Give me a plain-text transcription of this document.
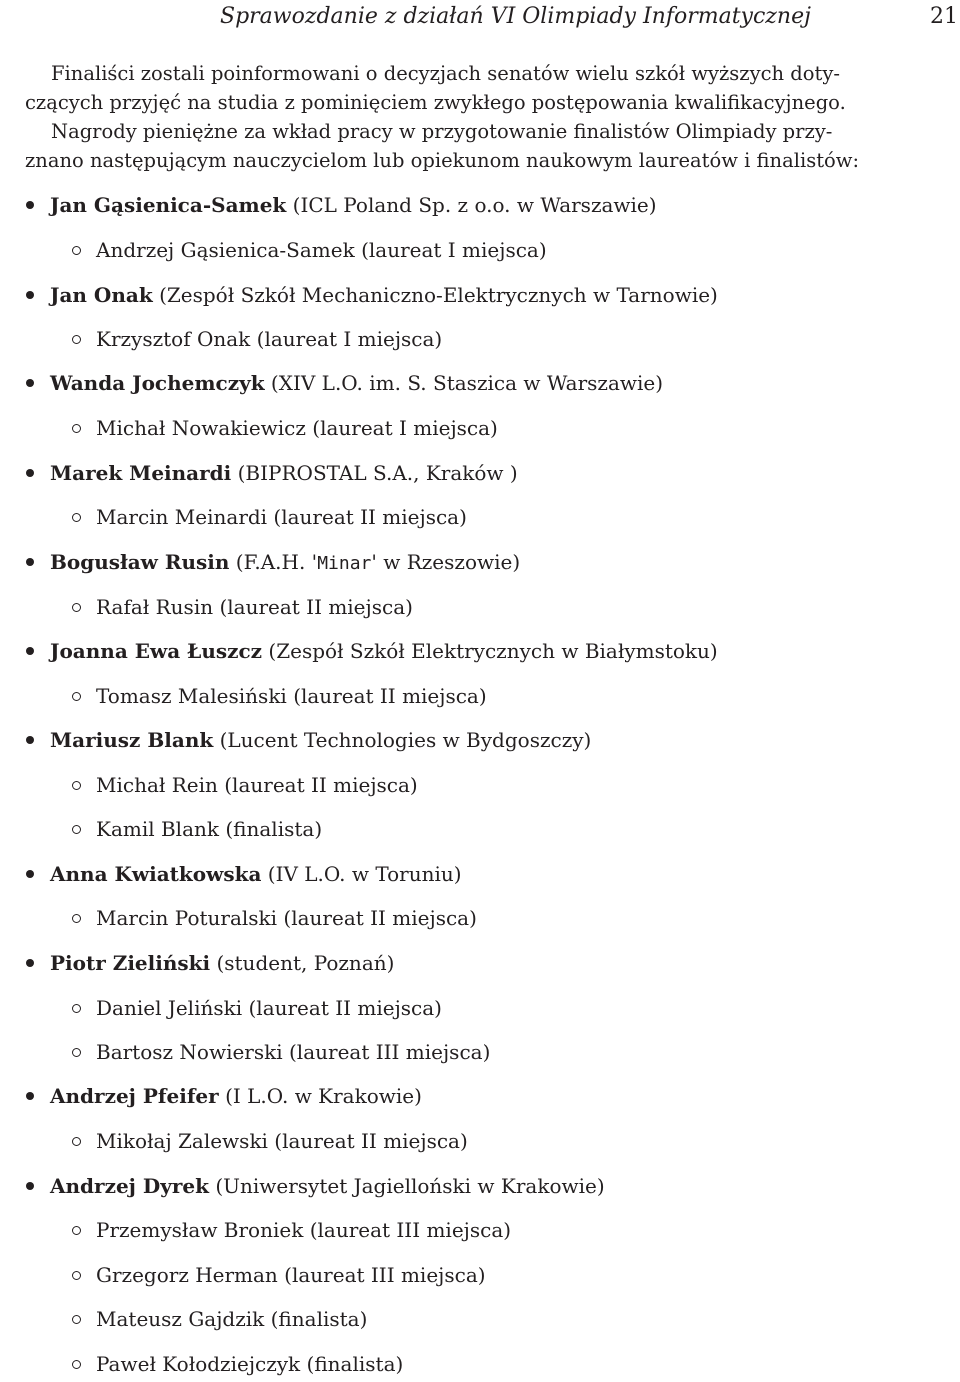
Sprawozdanie z działań VI Olimpiady Informatycznej	21
Finaliści zostali poinformowani o decyzjach senatów wielu szkół wyższych doty-
czących przyjęć na studia z pominięciem zwykłego postępowania kwalifikacyjnego.
Nagrody pieniężne za wkład pracy w przygotowanie finalistów Olimpiady przy-
znano następującym nauczycielom lub opiekunom naukowym laureatów i finalistów:
Jan Gąsienica-Samek (ICL Poland Sp. z o.o. w Warszawie)
Andrzej Gąsienica-Samek (laureat I miejsca)
Jan Onak (Zespół Szkół Mechaniczno-Elektrycznych w Tarnowie)
Krzysztof Onak (laureat I miejsca)
Wanda Jochemczyk (XIV L.O. im. S. Staszica w Warszawie)
Michał Nowakiewicz (laureat I miejsca)
Marek Meinardi (BIPROSTAL S.A., Kraków )
Marcin Meinardi (laureat II miejsca)
Bogusław Rusin (F.A.H. 'Minar' w Rzeszowie)
Rafał Rusin (laureat II miejsca)
Joanna Ewa Łuszcz (Zespół Szkół Elektrycznych w Białymstoku)
Tomasz Malesiński (laureat II miejsca)
Mariusz Blank (Lucent Technologies w Bydgoszczy)
Michał Rein (laureat II miejsca)
Kamil Blank (finalista)
Anna Kwiatkowska (IV L.O. w Toruniu)
Marcin Poturalski (laureat II miejsca)
Piotr Zieliński (student, Poznań)
Daniel Jeliński (laureat II miejsca)
Bartosz Nowierski (laureat III miejsca)
Andrzej Pfeifer (I L.O. w Krakowie)
Mikołaj Zalewski (laureat II miejsca)
Andrzej Dyrek (Uniwersytet Jagielloński w Krakowie)
Przemysław Broniek (laureat III miejsca)
Grzegorz Herman (laureat III miejsca)
Mateusz Gajdzik (finalista)
Paweł Kołodziejczyk (finalista)
